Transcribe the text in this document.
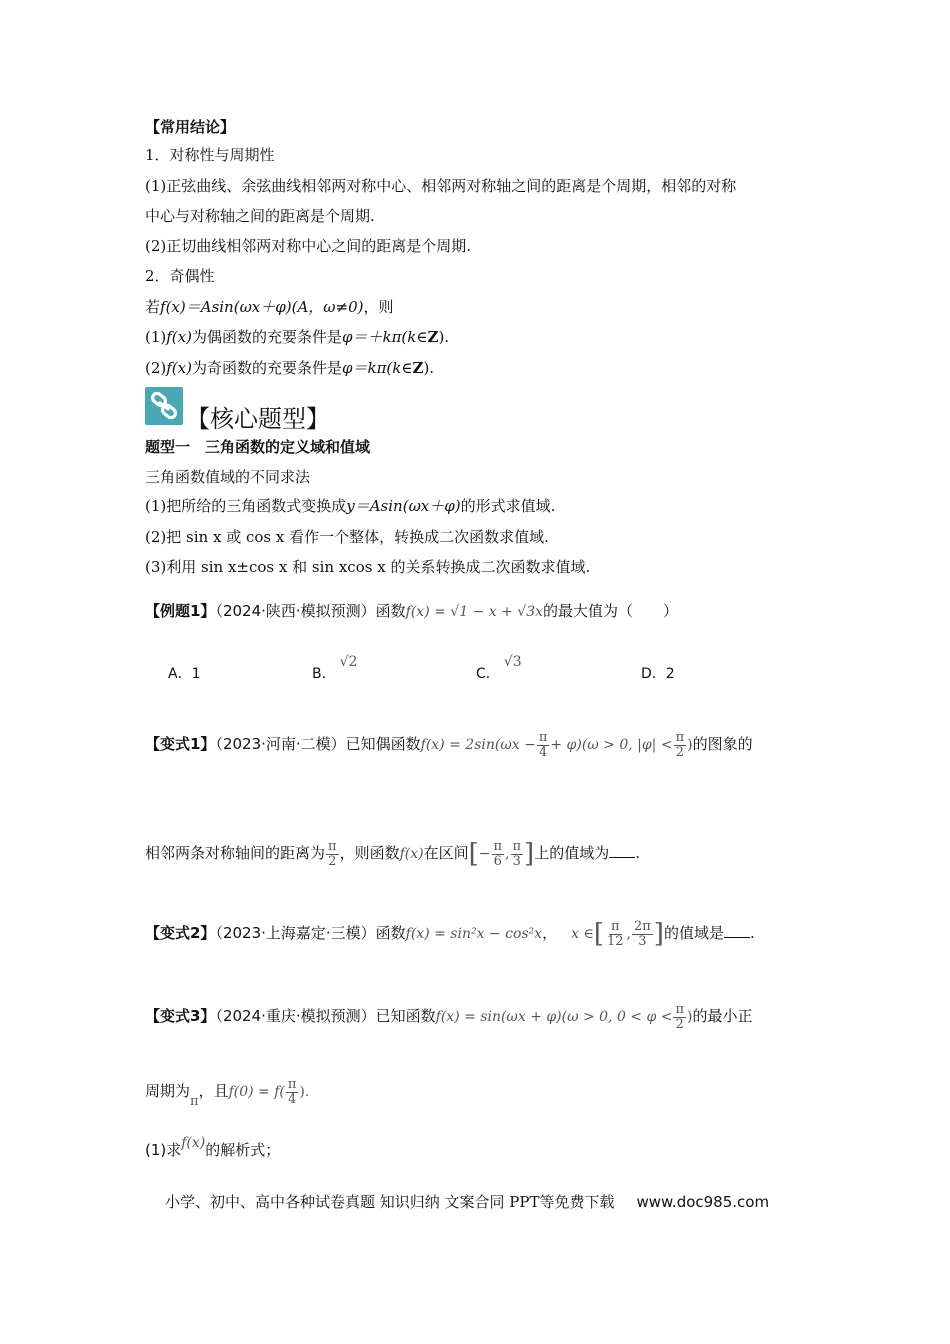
【常用结论】
1．对称性与周期性
(1)正弦曲线、余弦曲线相邻两对称中心、相邻两对称轴之间的距离是个周期，相邻的对称
中心与对称轴之间的距离是个周期.
(2)正切曲线相邻两对称中心之间的距离是个周期.
2．奇偶性
若f(x)＝Asin(ωx＋φ)(A，ω≠0)，则
(1)f(x)为偶函数的充要条件是φ＝＋kπ(k∈Z).
(2)f(x)为奇函数的充要条件是φ＝kπ(k∈Z).
【核心题型】
题型一　三角函数的定义域和值域
三角函数值域的不同求法
(1)把所给的三角函数式变换成y＝Asin(ωx＋φ)的形式求值域.
(2)把 sin x 或 cos x 看作一个整体，转换成二次函数求值域.
(3)利用 sin x±cos x 和 sin xcos x 的关系转换成二次函数求值域.
【例题1】（2024·陕西·模拟预测）函数f(x) = √1 − x + √3x的最大值为（　　）
A．1	B．√2
C．√3
D．2
【变式1】（2023·河南·二模）已知偶函数$f(x) = 2\sin(\omega x - \frac{\pi}{4} + \varphi)(\omega > 0$, $|\varphi| < \frac{\pi}{2}$ )的图象的
相邻两条对称轴间的距离为 $\frac{\pi}{2}$ ，则函数f(x)在区间[− $\frac{\pi}{6}$ , $\frac{\pi}{3}$ ]上的值域为 .
【变式2】（2023·上海嘉定·三模）函数f(x) = sin²x − cos²x， x ∈[ $\frac{\pi}{12}$ , $\frac{2\pi}{3}$ ]的值域是 .
【变式3】（2024·重庆·模拟预测）已知函数f(x) = sin(ωx + φ)(ω > 0, $0 < \varphi < \frac{\pi}{2}$ )的最小正
周期为π，且$f(0) = f( \frac{\pi}{4}$ ).
(1)求f(x)的解析式；
小学、初中、高中各种试卷真题 知识归纳 文案合同 PPT等免费下载 www.doc985.com
